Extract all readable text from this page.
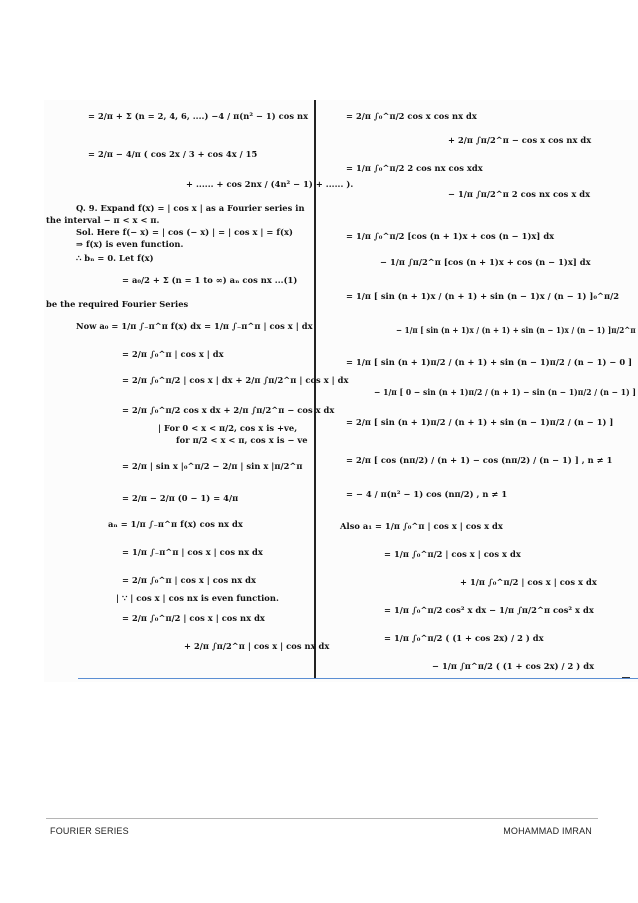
= 2/π + Σ (n = 2, 4, 6, ....) −4 / π(n² − 1) cos nx
= 2/π − 4/π ( cos 2x / 3 + cos 4x / 15
+ ...... + cos 2nx / (4n² − 1) + ...... ).
Q. 9. Expand f(x) = | cos x | as a Fourier series in
the interval − π < x < π.
Sol. Here f(− x) = | cos (− x) | = | cos x | = f(x)
⇒ f(x) is even function.
∴ bₙ = 0. Let f(x)
= a₀/2 + Σ (n = 1 to ∞) aₙ cos nx ...(1)
be the required Fourier Series
Now a₀ = 1/π ∫₋π^π f(x) dx = 1/π ∫₋π^π | cos x | dx
= 2/π ∫₀^π | cos x | dx
= 2/π ∫₀^π/2 | cos x | dx + 2/π ∫π/2^π | cos x | dx
= 2/π ∫₀^π/2 cos x dx + 2/π ∫π/2^π − cos x dx
| For 0 < x < π/2, cos x is +ve,
for π/2 < x < π, cos x is − ve
= 2/π | sin x |₀^π/2 − 2/π | sin x |π/2^π
= 2/π − 2/π (0 − 1) = 4/π
aₙ = 1/π ∫₋π^π f(x) cos nx dx
= 1/π ∫₋π^π | cos x | cos nx dx
= 2/π ∫₀^π | cos x | cos nx dx
| ∵ | cos x | cos nx is even function.
= 2/π ∫₀^π/2 | cos x | cos nx dx
+ 2/π ∫π/2^π | cos x | cos nx dx
= 2/π ∫₀^π/2 cos x cos nx dx
+ 2/π ∫π/2^π − cos x cos nx dx
= 1/π ∫₀^π/2 2 cos nx cos xdx
− 1/π ∫π/2^π 2 cos nx cos x dx
= 1/π ∫₀^π/2 [cos (n + 1)x + cos (n − 1)x] dx
− 1/π ∫π/2^π [cos (n + 1)x + cos (n − 1)x] dx
= 1/π [ sin (n + 1)x / (n + 1) + sin (n − 1)x / (n − 1) ]₀^π/2
− 1/π [ sin (n + 1)x / (n + 1) + sin (n − 1)x / (n − 1) ]π/2^π
= 1/π [ sin (n + 1)π/2 / (n + 1) + sin (n − 1)π/2 / (n − 1) − 0 ]
− 1/π [ 0 − sin (n + 1)π/2 / (n + 1) − sin (n − 1)π/2 / (n − 1) ]
= 2/π [ sin (n + 1)π/2 / (n + 1) + sin (n − 1)π/2 / (n − 1) ]
= 2/π [ cos (nπ/2) / (n + 1) − cos (nπ/2) / (n − 1) ] , n ≠ 1
= − 4 / π(n² − 1) cos (nπ/2) , n ≠ 1
Also a₁ = 1/π ∫₀^π | cos x | cos x dx
= 1/π ∫₀^π/2 | cos x | cos x dx
+ 1/π ∫₀^π/2 | cos x | cos x dx
= 1/π ∫₀^π/2 cos² x dx − 1/π ∫π/2^π cos² x dx
= 1/π ∫₀^π/2 ( (1 + cos 2x) / 2 ) dx
− 1/π ∫π^π/2 ( (1 + cos 2x) / 2 ) dx
FOURIER SERIES	MOHAMMAD IMRAN
